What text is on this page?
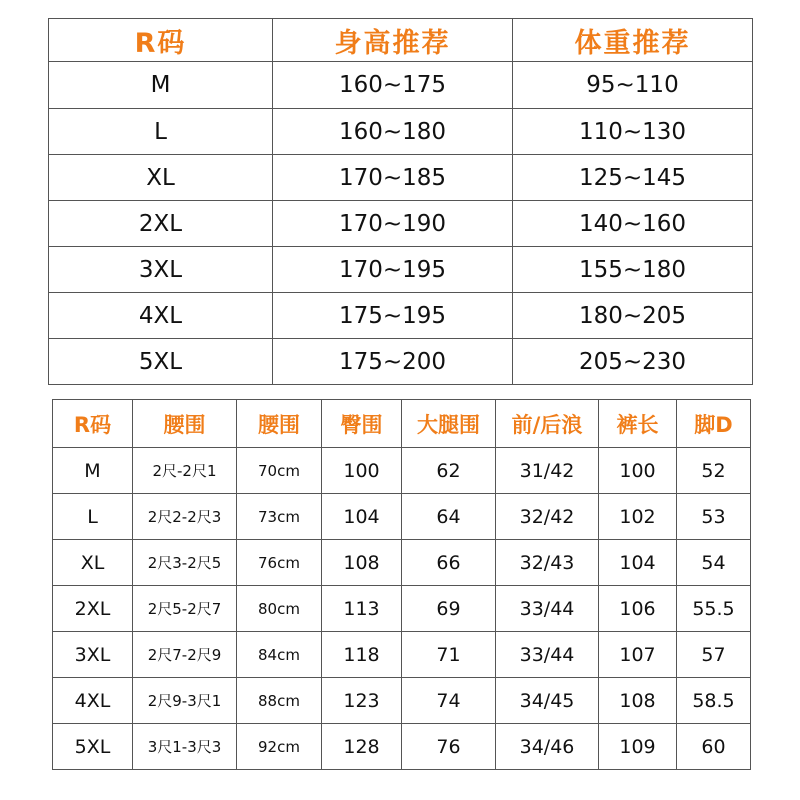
R码	身高推荐	体重推荐
M	160~175	95~110
L	160~180	110~130
XL	170~185	125~145
2XL	170~190	140~160
3XL	170~195	155~180
4XL	175~195	180~205
5XL	175~200	205~230
R码	腰围	腰围	臀围	大腿围	前/后浪	裤长	脚D
M	2尺-2尺1	70cm	100	62	31/42	100	52
L	2尺2-2尺3	73cm	104	64	32/42	102	53
XL	2尺3-2尺5	76cm	108	66	32/43	104	54
2XL	2尺5-2尺7	80cm	113	69	33/44	106	55.5
3XL	2尺7-2尺9	84cm	118	71	33/44	107	57
4XL	2尺9-3尺1	88cm	123	74	34/45	108	58.5
5XL	3尺1-3尺3	92cm	128	76	34/46	109	60
